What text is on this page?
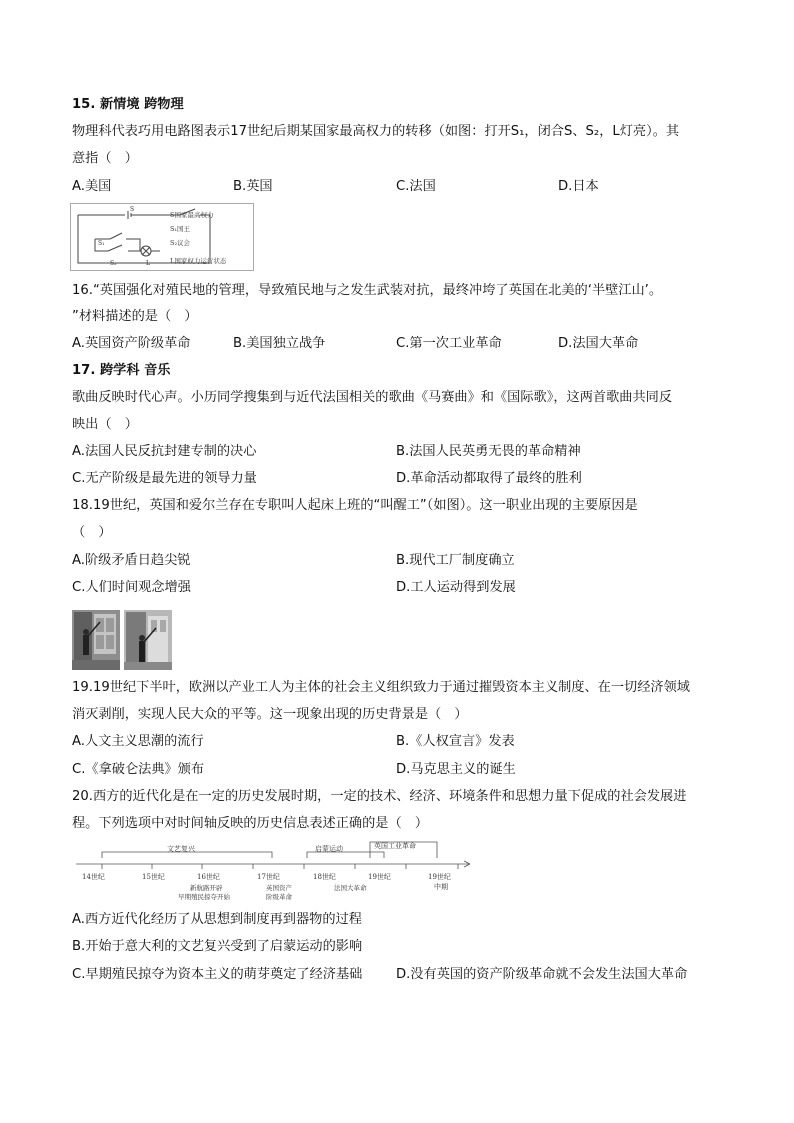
15. 新情境 跨物理
物理科代表巧用电路图表示17世纪后期某国家最高权力的转移（如图：打开S₁，闭合S、S₂，L灯亮）。其
意指（　）
A.美国	B.英国	C.法国	D.日本
S
S₁
S₂	L
S国家最高权力
S₁国王
S₂议会
L国家权力运行状态
16.“英国强化对殖民地的管理，导致殖民地与之发生武装对抗，最终冲垮了英国在北美的‘半壁江山’。
”材料描述的是（　）
A.英国资产阶级革命	B.美国独立战争	C.第一次工业革命	D.法国大革命
17. 跨学科 音乐
歌曲反映时代心声。小历同学搜集到与近代法国相关的歌曲《马赛曲》和《国际歌》，这两首歌曲共同反
映出（　）
A.法国人民反抗封建专制的决心	B.法国人民英勇无畏的革命精神
C.无产阶级是最先进的领导力量	D.革命活动都取得了最终的胜利
18.19世纪，英国和爱尔兰存在专职叫人起床上班的“叫醒工”（如图）。这一职业出现的主要原因是
（　）
A.阶级矛盾日趋尖锐	B.现代工厂制度确立
C.人们时间观念增强	D.工人运动得到发展
19.19世纪下半叶，欧洲以产业工人为主体的社会主义组织致力于通过摧毁资本主义制度、在一切经济领域
消灭剥削，实现人民大众的平等。这一现象出现的历史背景是（　）
A.人文主义思潮的流行	B.《人权宣言》发表
C.《拿破仑法典》颁布	D.马克思主义的诞生
20.西方的近代化是在一定的历史发展时期，一定的技术、经济、环境条件和思想力量下促成的社会发展进
程。下列选项中对时间轴反映的历史信息表述正确的是（　）
文艺复兴	启蒙运动	英国工业革命
14世纪	15世纪	16世纪	17世纪	18世纪	19世纪	19世纪
中期
新航路开辟
早期殖民掠夺开始
英国资产
阶级革命
法国大革命
A.西方近代化经历了从思想到制度再到器物的过程
B.开始于意大利的文艺复兴受到了启蒙运动的影响
C.早期殖民掠夺为资本主义的萌芽奠定了经济基础	D.没有英国的资产阶级革命就不会发生法国大革命
